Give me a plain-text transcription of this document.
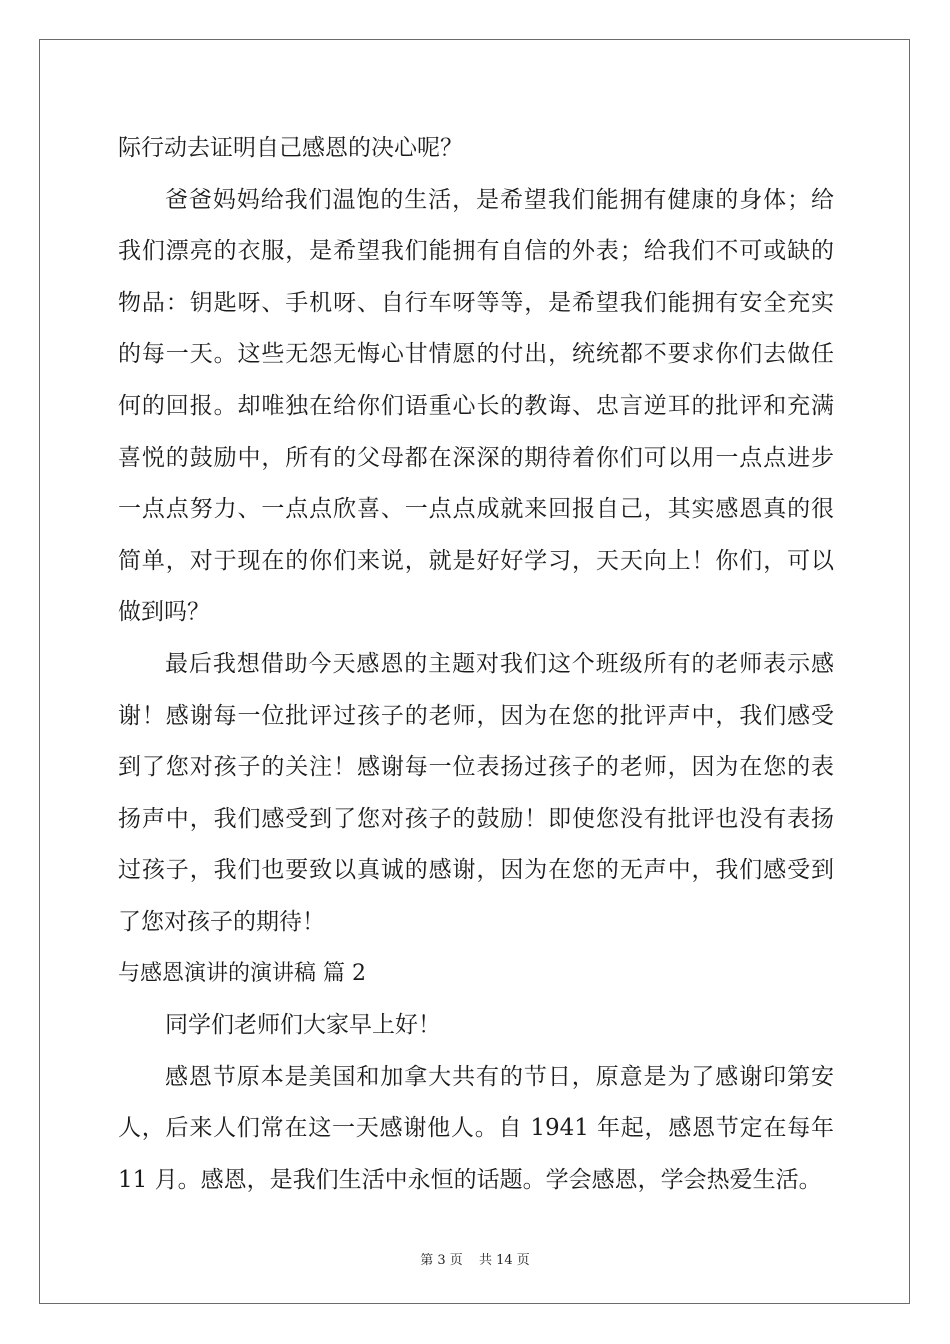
际行动去证明自己感恩的决心呢？
爸爸妈妈给我们温饱的生活，是希望我们能拥有健康的身体；给
我们漂亮的衣服，是希望我们能拥有自信的外表；给我们不可或缺的
物品：钥匙呀、手机呀、自行车呀等等，是希望我们能拥有安全充实
的每一天。这些无怨无悔心甘情愿的付出，统统都不要求你们去做任
何的回报。却唯独在给你们语重心长的教诲、忠言逆耳的批评和充满
喜悦的鼓励中，所有的父母都在深深的期待着你们可以用一点点进步
一点点努力、一点点欣喜、一点点成就来回报自己，其实感恩真的很
简单，对于现在的你们来说，就是好好学习，天天向上！你们，可以
做到吗？
最后我想借助今天感恩的主题对我们这个班级所有的老师表示感
谢！感谢每一位批评过孩子的老师，因为在您的批评声中，我们感受
到了您对孩子的关注！感谢每一位表扬过孩子的老师，因为在您的表
扬声中，我们感受到了您对孩子的鼓励！即使您没有批评也没有表扬
过孩子，我们也要致以真诚的感谢，因为在您的无声中，我们感受到
了您对孩子的期待！
与感恩演讲的演讲稿 篇 2
同学们老师们大家早上好！
感恩节原本是美国和加拿大共有的节日，原意是为了感谢印第安
人，后来人们常在这一天感谢他人。自 1941 年起，感恩节定在每年
11 月。感恩，是我们生活中永恒的话题。学会感恩，学会热爱生活。
第 3 页 共 14 页
